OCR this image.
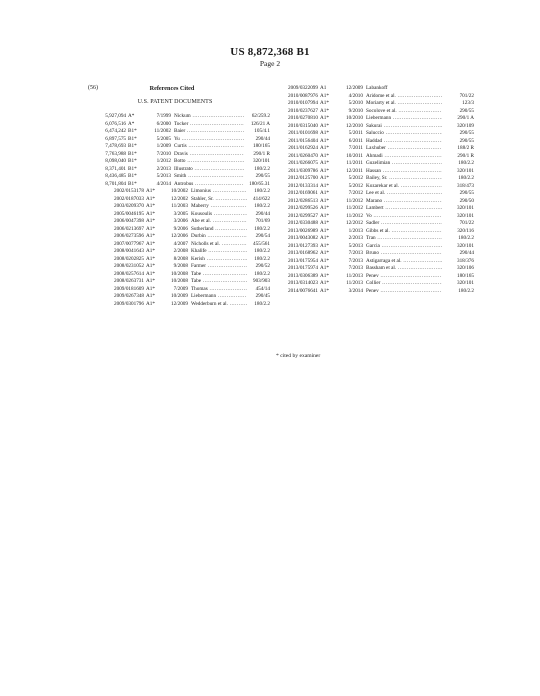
US 8,872,368 B1
Page 2
(56)	References Cited
U.S. PATENT DOCUMENTS
5,927,094 A*	7/1999 Nickum .....	62/259.2
6,076,516 A*	6/2000 Tocker .....	126/21 A
6,474,242 B1*	11/2002 Baier .....	105/4.1
6,897,575 B1*	5/2005 Yu .....	290/44
7,478,693 B1*	1/2009 Curtis .....	180/165
7,763,988 B1*	7/2010 Dravis .....	290/1 R
8,098,040 B1*	1/2012 Botto .....	320/101
8,371,401 B1*	2/2013 Illustrato .....	180/2.2
8,436,485 B1*	5/2013 Smith .....	290/55
8,701,804 B1*	4/2014 Antrobus .....	180/65.31
2002/0153178 A1*	10/2002 Limonius .....	180/2.2
2002/0187033 A1*	12/2002 Stahler, Sr. .....	414/622
2003/0209370 A1*	11/2003 Maberry .....	180/2.2
2005/0046195 A1*	3/2005 Kousoulis .....	290/44
2006/0047398 A1*	3/2006 Abe et al. .....	701/69
2006/0213697 A1*	9/2006 Sutherland .....	180/2.2
2006/0273596 A1*	12/2006 Durbin .....	290/54
2007/0077967 A1*	4/2007 Nicholls et al. .....	455/561
2008/0041643 A1*	2/2008 Khalife .....	180/2.2
2008/0202825 A1*	8/2008 Kerish .....	180/2.2
2008/0231052 A1*	9/2008 Farmer .....	290/52
2008/0257614 A1*	10/2008 Tabe .....	180/2.2
2008/0263731 A1*	10/2008 Tabe .....	903/903
2009/0181609 A1*	7/2009 Thomas .....	454/14
2009/0267348 A1*	10/2009 Liebermann .....	290/45
2009/0301796 A1*	12/2009 Wedderburn et al. .....	180/2.2
2009/0322099 A1	12/2009 Labankoff
2010/0087976 A1*	4/2010 Aridome et al. .....	701/22
2010/0107994 A1*	5/2010 Moriarty et al. .....	123/3
2010/0237627 A1*	9/2010 Socolove et al. .....	290/55
2010/0270810 A1*	10/2010 Liebermann .....	290/1 A
2010/0315040 A1*	12/2010 Sakurai .....	320/109
2011/0101698 A1*	5/2011 Saluccio .....	290/55
2011/0156404 A1*	6/2011 Haddad .....	290/55
2011/0162924 A1*	7/2011 Laxhuber .....	188/2 R
2011/0260470 A1*	10/2011 Ahmadi .....	290/1 R
2011/0266075 A1*	11/2011 Guzelimian .....	180/2.2
2011/0309786 A1*	12/2011 Hassan .....	320/101
2012/0125700 A1*	5/2012 Bailey, Sr. .....	180/2.2
2012/0133314 A1*	5/2012 Kozarekar et al. .....	318/473
2012/0169061 A1*	7/2012 Lee et al. .....	290/55
2012/0286513 A1*	11/2012 Marano .....	290/50
2012/0299526 A1*	11/2012 Lambert .....	320/101
2012/0299527 A1*	11/2012 Vo .....	320/101
2012/0330488 A1*	12/2012 Sadler .....	701/22
2013/0026989 A1*	1/2013 Gibbs et al. .....	320/116
2013/0043082 A1*	2/2013 Tran .....	180/2.2
2013/0127393 A1*	5/2013 Garcia .....	320/101
2013/0168962 A1*	7/2013 Bruno .....	290/44
2013/0175954 A1*	7/2013 Astigarraga et al. .....	318/376
2013/0175974 A1*	7/2013 Bassham et al. .....	320/106
2013/0306389 A1*	11/2013 Penev .....	180/165
2013/0314023 A1*	11/2013 Collier .....	320/101
2014/0076641 A1*	3/2014 Penev .....	180/2.2
* cited by examiner
